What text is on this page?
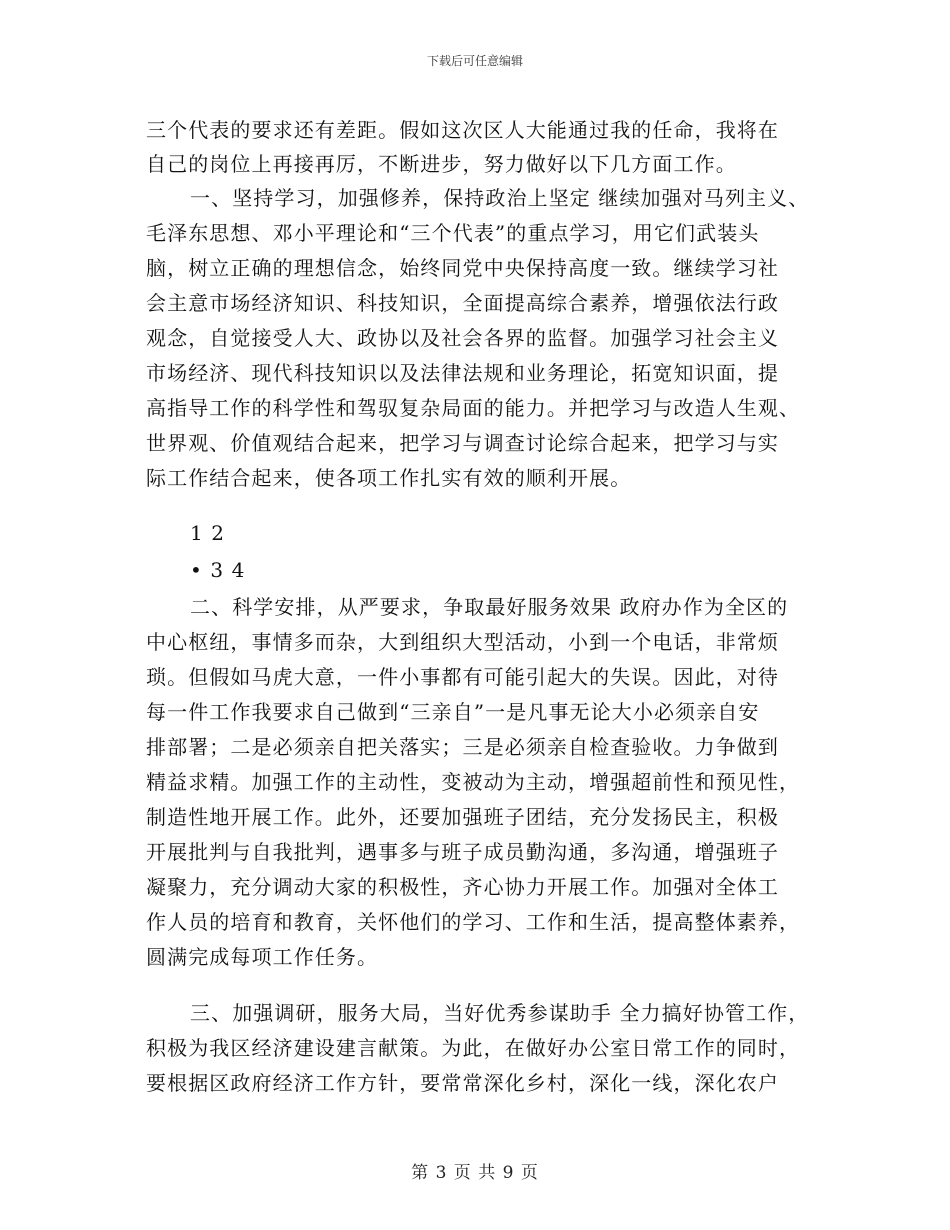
下载后可任意编辑
三个代表的要求还有差距。假如这次区人大能通过我的任命，我将在
自己的岗位上再接再厉，不断进步，努力做好以下几方面工作。
一、坚持学习，加强修养，保持政治上坚定 继续加强对马列主义、
毛泽东思想、邓小平理论和“三个代表”的重点学习，用它们武装头
脑，树立正确的理想信念，始终同党中央保持高度一致。继续学习社
会主意市场经济知识、科技知识，全面提高综合素养，增强依法行政
观念，自觉接受人大、政协以及社会各界的监督。加强学习社会主义
市场经济、现代科技知识以及法律法规和业务理论，拓宽知识面，提
高指导工作的科学性和驾驭复杂局面的能力。并把学习与改造人生观、
世界观、价值观结合起来，把学习与调查讨论综合起来，把学习与实
际工作结合起来，使各项工作扎实有效的顺利开展。
1 2
• 3 4
二、科学安排，从严要求，争取最好服务效果 政府办作为全区的
中心枢纽，事情多而杂，大到组织大型活动，小到一个电话，非常烦
琐。但假如马虎大意，一件小事都有可能引起大的失误。因此，对待
每一件工作我要求自己做到“三亲自”一是凡事无论大小必须亲自安
排部署；二是必须亲自把关落实；三是必须亲自检查验收。力争做到
精益求精。加强工作的主动性，变被动为主动，增强超前性和预见性，
制造性地开展工作。此外，还要加强班子团结，充分发扬民主，积极
开展批判与自我批判，遇事多与班子成员勤沟通，多沟通，增强班子
凝聚力，充分调动大家的积极性，齐心协力开展工作。加强对全体工
作人员的培育和教育，关怀他们的学习、工作和生活，提高整体素养，
圆满完成每项工作任务。
三、加强调研，服务大局，当好优秀参谋助手 全力搞好协管工作，
积极为我区经济建设建言献策。为此，在做好办公室日常工作的同时，
要根据区政府经济工作方针，要常常深化乡村，深化一线，深化农户
第 3 页 共 9 页
